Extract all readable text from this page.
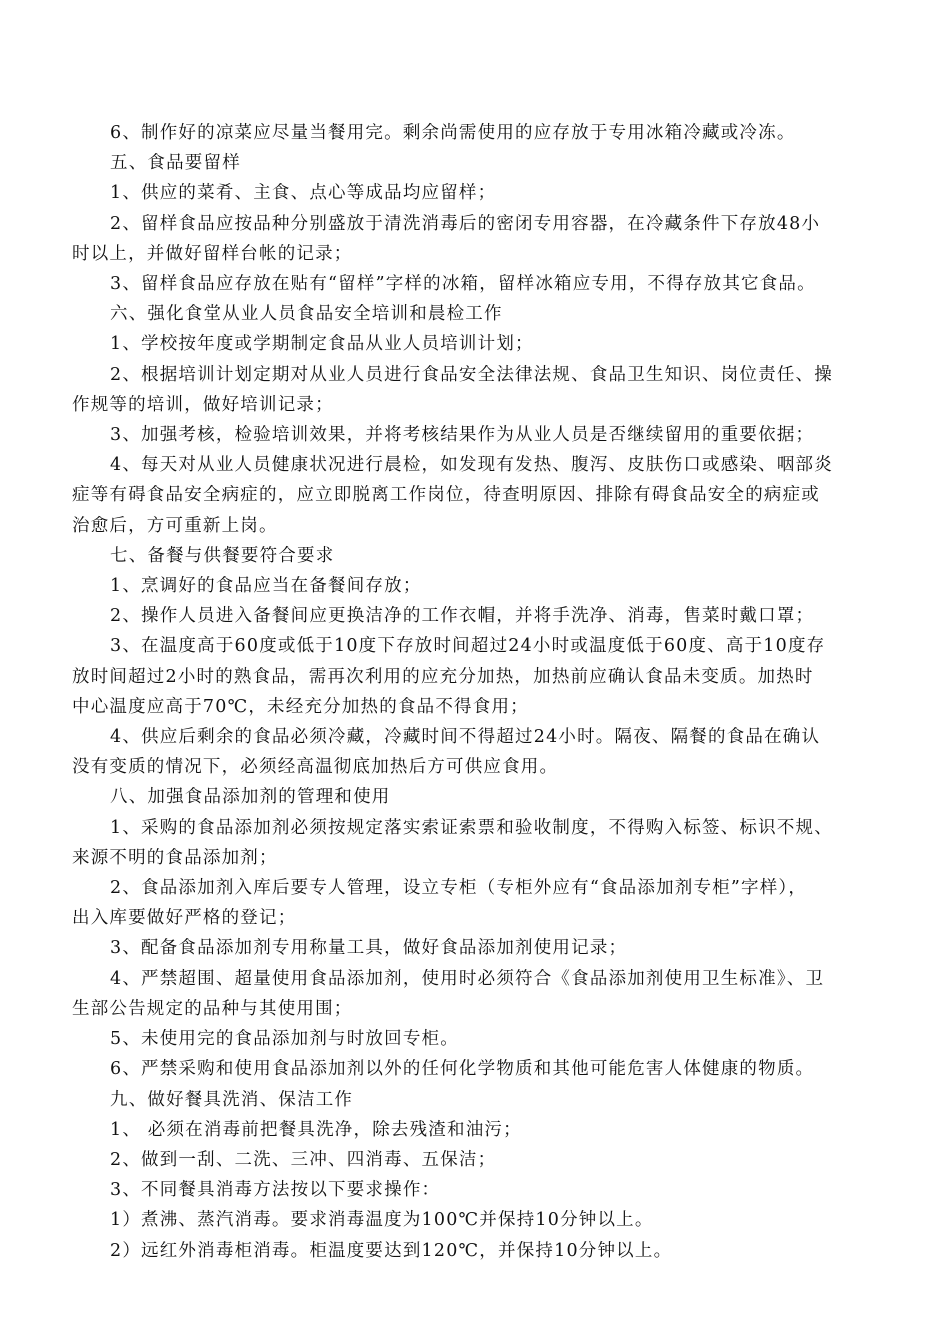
6、制作好的凉菜应尽量当餐用完。剩余尚需使用的应存放于专用冰箱冷藏或冷冻。

五、食品要留样

1、供应的菜肴、主食、点心等成品均应留样；

2、留样食品应按品种分别盛放于清洗消毒后的密闭专用容器，在冷藏条件下存放48小
时以上，并做好留样台帐的记录；

3、留样食品应存放在贴有“留样”字样的冰箱，留样冰箱应专用，不得存放其它食品。

六、强化食堂从业人员食品安全培训和晨检工作

1、学校按年度或学期制定食品从业人员培训计划；

2、根据培训计划定期对从业人员进行食品安全法律法规、食品卫生知识、岗位责任、操
作规等的培训，做好培训记录；

3、加强考核，检验培训效果，并将考核结果作为从业人员是否继续留用的重要依据；

4、每天对从业人员健康状况进行晨检，如发现有发热、腹泻、皮肤伤口或感染、咽部炎
症等有碍食品安全病症的，应立即脱离工作岗位，待查明原因、排除有碍食品安全的病症或
治愈后，方可重新上岗。

七、备餐与供餐要符合要求

1、烹调好的食品应当在备餐间存放；

2、操作人员进入备餐间应更换洁净的工作衣帽，并将手洗净、消毒，售菜时戴口罩；

3、在温度高于60度或低于10度下存放时间超过24小时或温度低于60度、高于10度存
放时间超过2小时的熟食品，需再次利用的应充分加热，加热前应确认食品未变质。加热时
中心温度应高于70℃，未经充分加热的食品不得食用；

4、供应后剩余的食品必须冷藏，冷藏时间不得超过24小时。隔夜、隔餐的食品在确认
没有变质的情况下，必须经高温彻底加热后方可供应食用。

八、加强食品添加剂的管理和使用

1、采购的食品添加剂必须按规定落实索证索票和验收制度，不得购入标签、标识不规、
来源不明的食品添加剂；

2、食品添加剂入库后要专人管理，设立专柜（专柜外应有“食品添加剂专柜”字样），
出入库要做好严格的登记；

3、配备食品添加剂专用称量工具，做好食品添加剂使用记录；

4、严禁超围、超量使用食品添加剂，使用时必须符合《食品添加剂使用卫生标准》、卫
生部公告规定的品种与其使用围；

5、未使用完的食品添加剂与时放回专柜。

6、严禁采购和使用食品添加剂以外的任何化学物质和其他可能危害人体健康的物质。

九、做好餐具洗消、保洁工作

1、 必须在消毒前把餐具洗净，除去残渣和油污；

2、做到一刮、二洗、三冲、四消毒、五保洁；

3、不同餐具消毒方法按以下要求操作：

1）煮沸、蒸汽消毒。要求消毒温度为100℃并保持10分钟以上。

2）远红外消毒柜消毒。柜温度要达到120℃，并保持10分钟以上。
